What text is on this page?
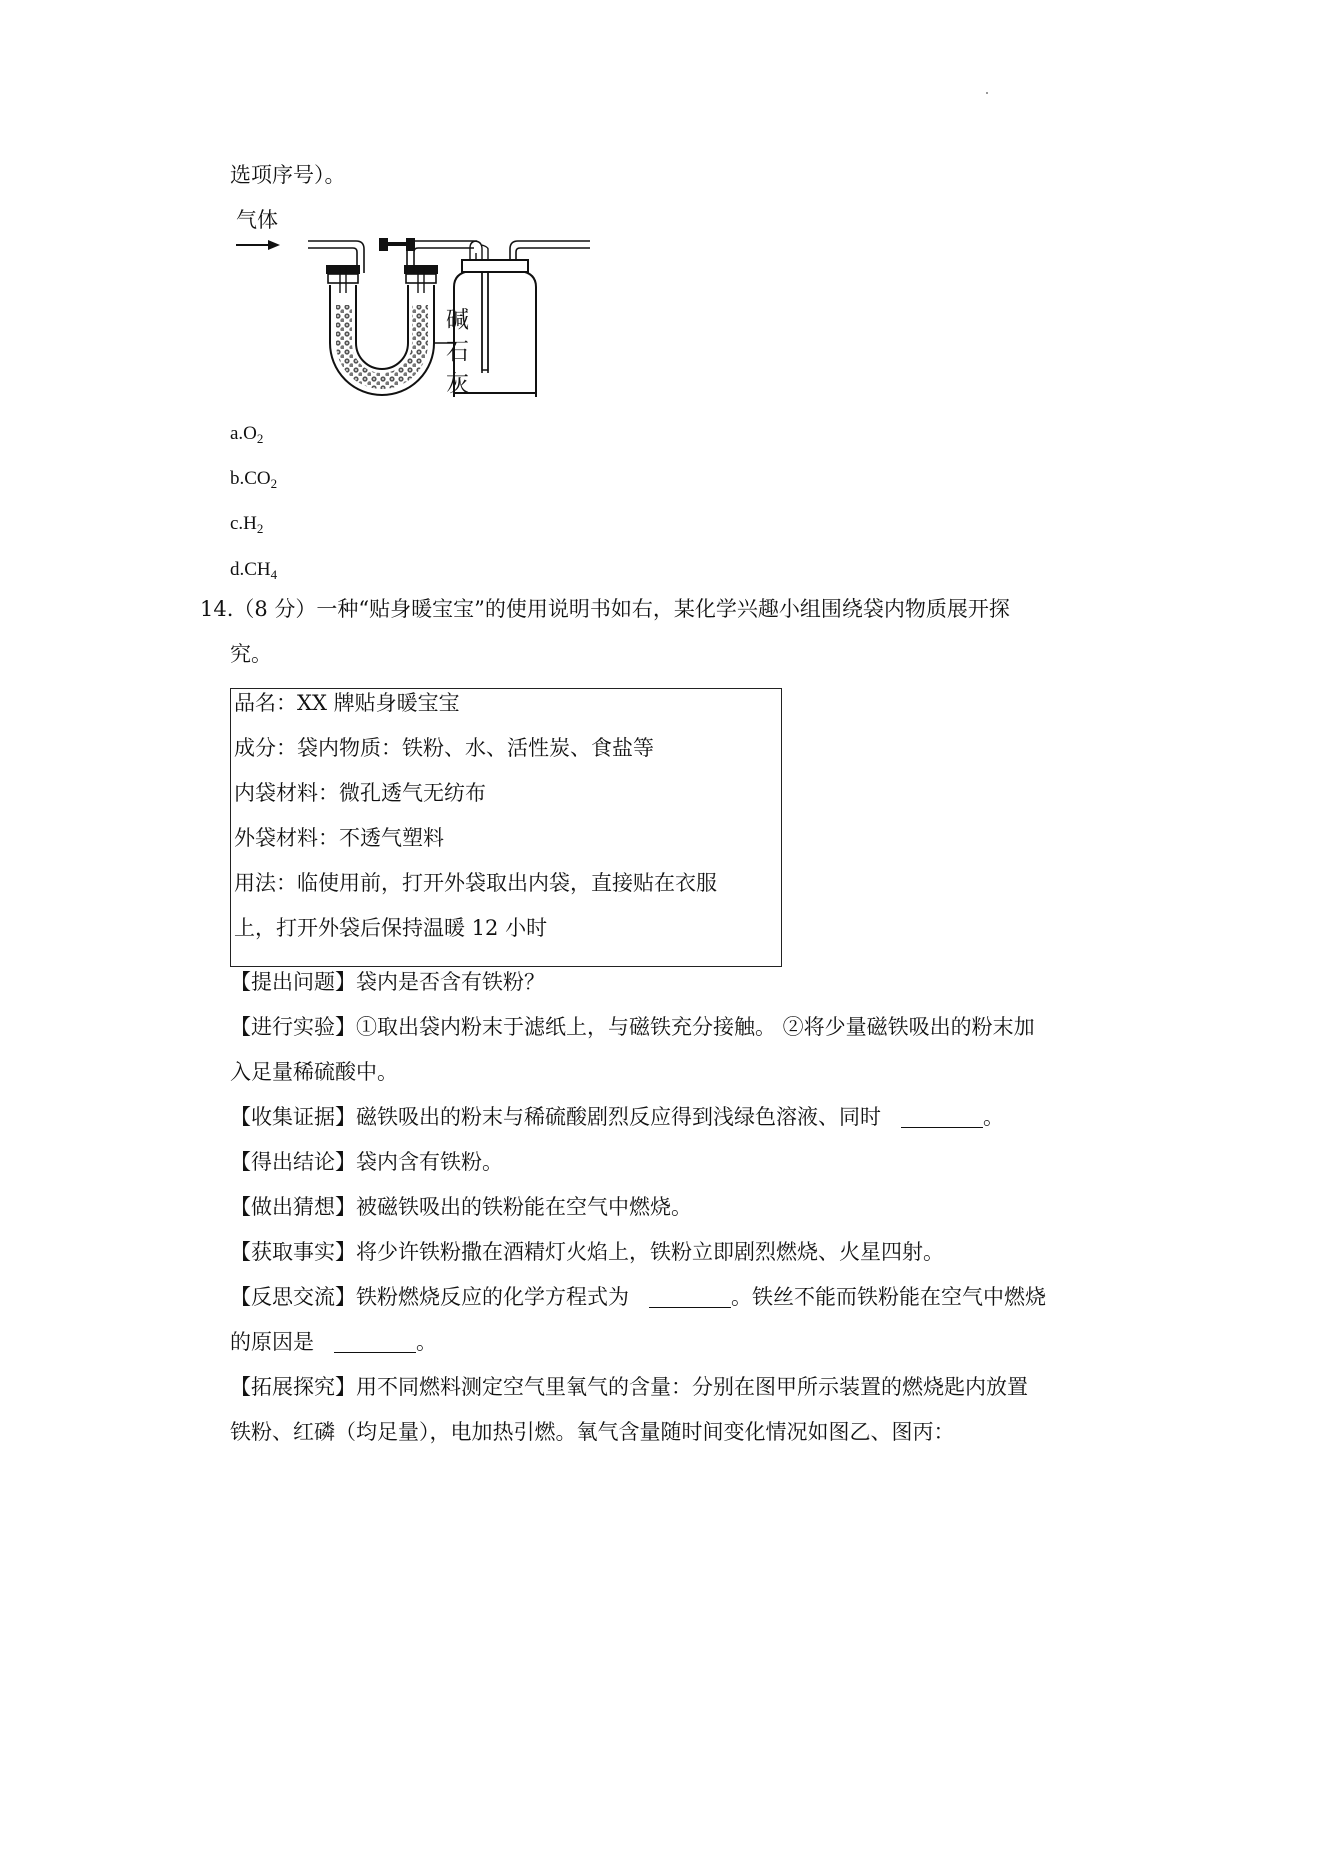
选项序号）。
气体
碱
石
灰
$a.O_2$
$b.CO_2$
$c.H_2$
$d.CH_4$
14.（8 分）一种“贴身暖宝宝”的使用说明书如右，某化学兴趣小组围绕袋内物质展开探
究。
品名：XX 牌贴身暖宝宝
成分：袋内物质：铁粉、水、活性炭、食盐等
内袋材料：微孔透气无纺布
外袋材料：不透气塑料
用法：临使用前，打开外袋取出内袋，直接贴在衣服
上，打开外袋后保持温暖 12 小时
【提出问题】袋内是否含有铁粉？
【进行实验】①取出袋内粉末于滤纸上，与磁铁充分接触。 ②将少量磁铁吸出的粉末加
入足量稀硫酸中。
【收集证据】磁铁吸出的粉末与稀硫酸剧烈反应得到浅绿色溶液、同时	。
【得出结论】袋内含有铁粉。
【做出猜想】被磁铁吸出的铁粉能在空气中燃烧。
【获取事实】将少许铁粉撒在酒精灯火焰上，铁粉立即剧烈燃烧、火星四射。
【反思交流】铁粉燃烧反应的化学方程式为	。铁丝不能而铁粉能在空气中燃烧
的原因是	。
【拓展探究】用不同燃料测定空气里氧气的含量：分别在图甲所示装置的燃烧匙内放置
铁粉、红磷（均足量），电加热引燃。氧气含量随时间变化情况如图乙、图丙：
